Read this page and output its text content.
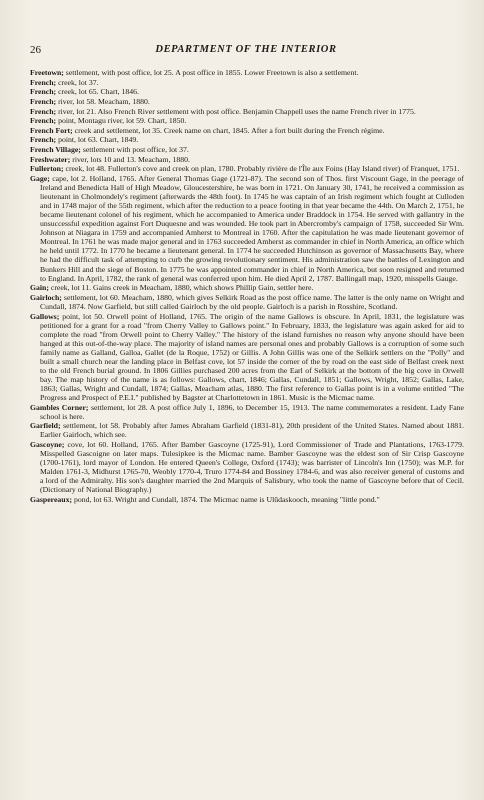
26	DEPARTMENT OF THE INTERIOR

Freetown; settlement, with post office, lot 25. A post office in 1855. Lower Freetown is also a settlement.

French; creek, lot 37.

French; creek, lot 65. Chart, 1846.

French; river, lot 58. Meacham, 1880.

French; river, lot 21. Also French River settlement with post office. Benjamin Chappell uses the name French river in 1775.

French; point, Montagu river, lot 59. Chart, 1850.

French Fort; creek and settlement, lot 35. Creek name on chart, 1845. After a fort built during the French régime.

French; point, lot 63. Chart, 1849.

French Village; settlement with post office, lot 37.

Freshwater; river, lots 10 and 13. Meacham, 1880.

Fullerton; creek, lot 48. Fullerton's cove and creek on plan, 1780. Probably rivière de l'Île aux Foins (Hay Island river) of Franquet, 1751.

Gage; cape, lot 2. Holland, 1765. After General Thomas Gage (1721-87). The second son of Thos. first Viscount Gage, in the peerage of Ireland and Benedicta Hall of High Meadow, Gloucestershire, he was born in 1721. On January 30, 1741, he received a commission as lieutenant in Cholmondely's regiment (afterwards the 48th foot). In 1745 he was captain of an Irish regiment which fought at Culloden and in 1748 major of the 55th regiment, which after the reduction to a peace footing in that year became the 44th. On March 2, 1751, he became lieutenant colonel of his regiment, which he accompanied to America under Braddock in 1754. He served with gallantry in the unsuccessful expedition against Fort Duquesne and was wounded. He took part in Abercromby's campaign of 1758, succeeded Sir Wm. Johnson at Niagara in 1759 and accompanied Amherst to Montreal in 1760. After the capitulation he was made lieutenant governor of Montreal. In 1761 he was made major general and in 1763 succeeded Amherst as commander in chief in North America, an office which he held until 1772. In 1770 he became a lieutenant general. In 1774 he succeeded Hutchinson as governor of Massachusetts Bay, where he had the difficult task of attempting to curb the growing revolutionary sentiment. His administration saw the battles of Lexington and Bunkers Hill and the siege of Boston. In 1775 he was appointed commander in chief in North America, but soon resigned and returned to England. In April, 1782, the rank of general was conferred upon him. He died April 2, 1787. Ballingall map, 1920, misspells Gauge.

Gain; creek, lot 11. Gains creek in Meacham, 1880, which shows Phillip Gain, settler here.

Gairloch; settlement, lot 60. Meacham, 1880, which gives Selkirk Road as the post office name. The latter is the only name on Wright and Cundall, 1874. Now Garfield, but still called Gairloch by the old people. Gairloch is a parish in Rosshire, Scotland.

Gallows; point, lot 50. Orwell point of Holland, 1765. The origin of the name Gallows is obscure. In April, 1831, the legislature was petitioned for a grant for a road "from Cherry Valley to Gallows point." In February, 1833, the legislature was again asked for aid to complete the road "from Orwell point to Cherry Valley." The history of the island furnishes no reason why anyone should have been hanged at this out-of-the-way place. The majority of island names are personal ones and probably Gallows is a corruption of some such family name as Galland, Galloa, Gallet (de la Roque, 1752) or Gillis. A John Gillis was one of the Selkirk settlers on the "Polly" and built a small church near the landing place in Belfast cove, lot 57 inside the corner of the by road on the east side of Belfast creek next to the old French burial ground. In 1806 Gillies purchased 200 acres from the Earl of Selkirk at the bottom of the big cove in Orwell bay. The map history of the name is as follows: Gallows, chart, 1846; Gallas, Cundall, 1851; Gallows, Wright, 1852; Gallas, Lake, 1863; Gallas, Wright and Cundall, 1874; Gallas, Meacham atlas, 1880. The first reference to Gallas point is in a volume entitled "The Progress and Prospect of P.E.I." published by Bagster at Charlottetown in 1861. Music is the Micmac name.

Gambles Corner; settlement, lot 28. A post office July 1, 1896, to December 15, 1913. The name commemorates a resident. Lady Fane school is here.

Garfield; settlement, lot 58. Probably after James Abraham Garfield (1831-81), 20th president of the United States. Named about 1881. Earlier Gairloch, which see.

Gascoyne; cove, lot 60. Holland, 1765. After Bamber Gascoyne (1725-91), Lord Commissioner of Trade and Plantations, 1763-1779. Misspelled Gascoigne on later maps. Tulesipkee is the Micmac name. Bamber Gascoyne was the eldest son of Sir Crisp Gascoyne (1700-1761), lord mayor of London. He entered Queen's College, Oxford (1743); was barrister of Lincoln's Inn (1750); was M.P. for Malden 1761-3, Midhurst 1765-70, Weobly 1770-4, Truro 1774-84 and Bossiney 1784-6, and was also receiver general of customs and a lord of the Admiralty. His son's daughter married the 2nd Marquis of Salisbury, who took the name of Gascoyne before that of Cecil. (Dictionary of National Biography.)

Gaspereaux; pond, lot 63. Wright and Cundall, 1874. The Micmac name is Ulūdaskooch, meaning "little pond."
